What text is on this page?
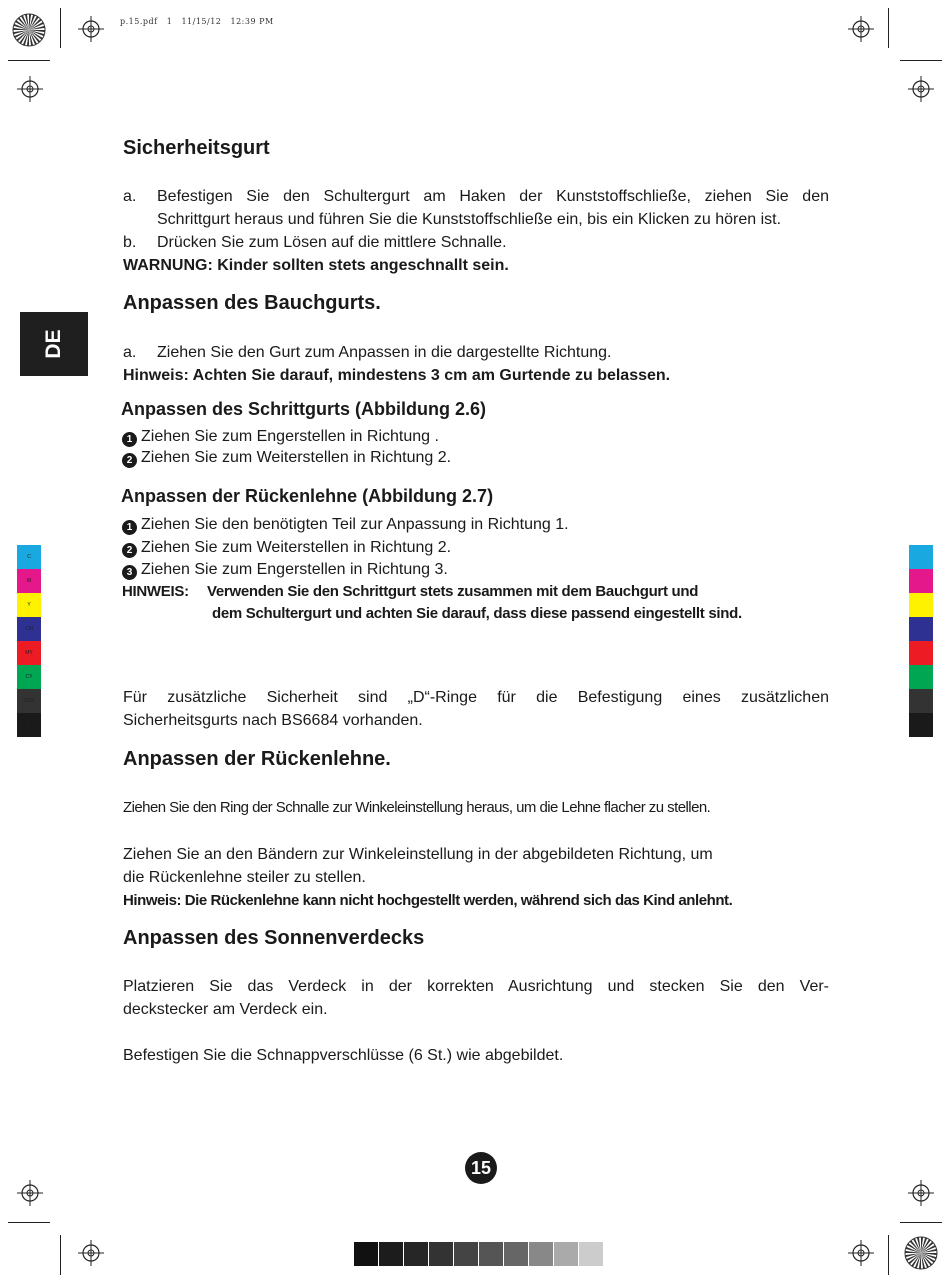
p.15.pdf   1   11/15/12   12:39 PM
DE
C
M
Y
CM
MY
CY
CMY
K
Sicherheitsgurt
a. Befestigen Sie den Schultergurt am Haken der Kunststoffschließe, ziehen Sie den
Schrittgurt heraus und führen Sie die Kunststoffschließe ein, bis ein Klicken zu hören ist.
b. Drücken Sie zum Lösen auf die mittlere Schnalle.
WARNUNG: Kinder sollten stets angeschnallt sein.
Anpassen des Bauchgurts.
a. Ziehen Sie den Gurt zum Anpassen in die dargestellte Richtung.
Hinweis: Achten Sie darauf, mindestens 3 cm am Gurtende zu belassen.
Anpassen des Schrittgurts (Abbildung 2.6)
1 Ziehen Sie zum Engerstellen in Richtung .
2 Ziehen Sie zum Weiterstellen in Richtung 2.
Anpassen der Rückenlehne (Abbildung 2.7)
1 Ziehen Sie den benötigten Teil zur Anpassung in Richtung 1.
2 Ziehen Sie zum Weiterstellen in Richtung 2.
3 Ziehen Sie zum Engerstellen in Richtung 3.
HINWEIS: Verwenden Sie den Schrittgurt stets zusammen mit dem Bauchgurt und
dem Schultergurt und achten Sie darauf, dass diese passend eingestellt sind.
Für zusätzliche Sicherheit sind „D“-Ringe für die Befestigung eines zusätzlichen
Sicherheitsgurts nach BS6684 vorhanden.
Anpassen der Rückenlehne.
Ziehen Sie den Ring der Schnalle zur Winkeleinstellung heraus, um die Lehne flacher zu stellen.
Ziehen Sie an den Bändern zur Winkeleinstellung in der abgebildeten Richtung, um
die Rückenlehne steiler zu stellen.
Hinweis: Die Rückenlehne kann nicht hochgestellt werden, während sich das Kind anlehnt.
Anpassen des Sonnenverdecks
Platzieren Sie das Verdeck in der korrekten Ausrichtung und stecken Sie den Ver-
deckstecker am Verdeck ein.
Befestigen Sie die Schnappverschlüsse (6 St.) wie abgebildet.
15
